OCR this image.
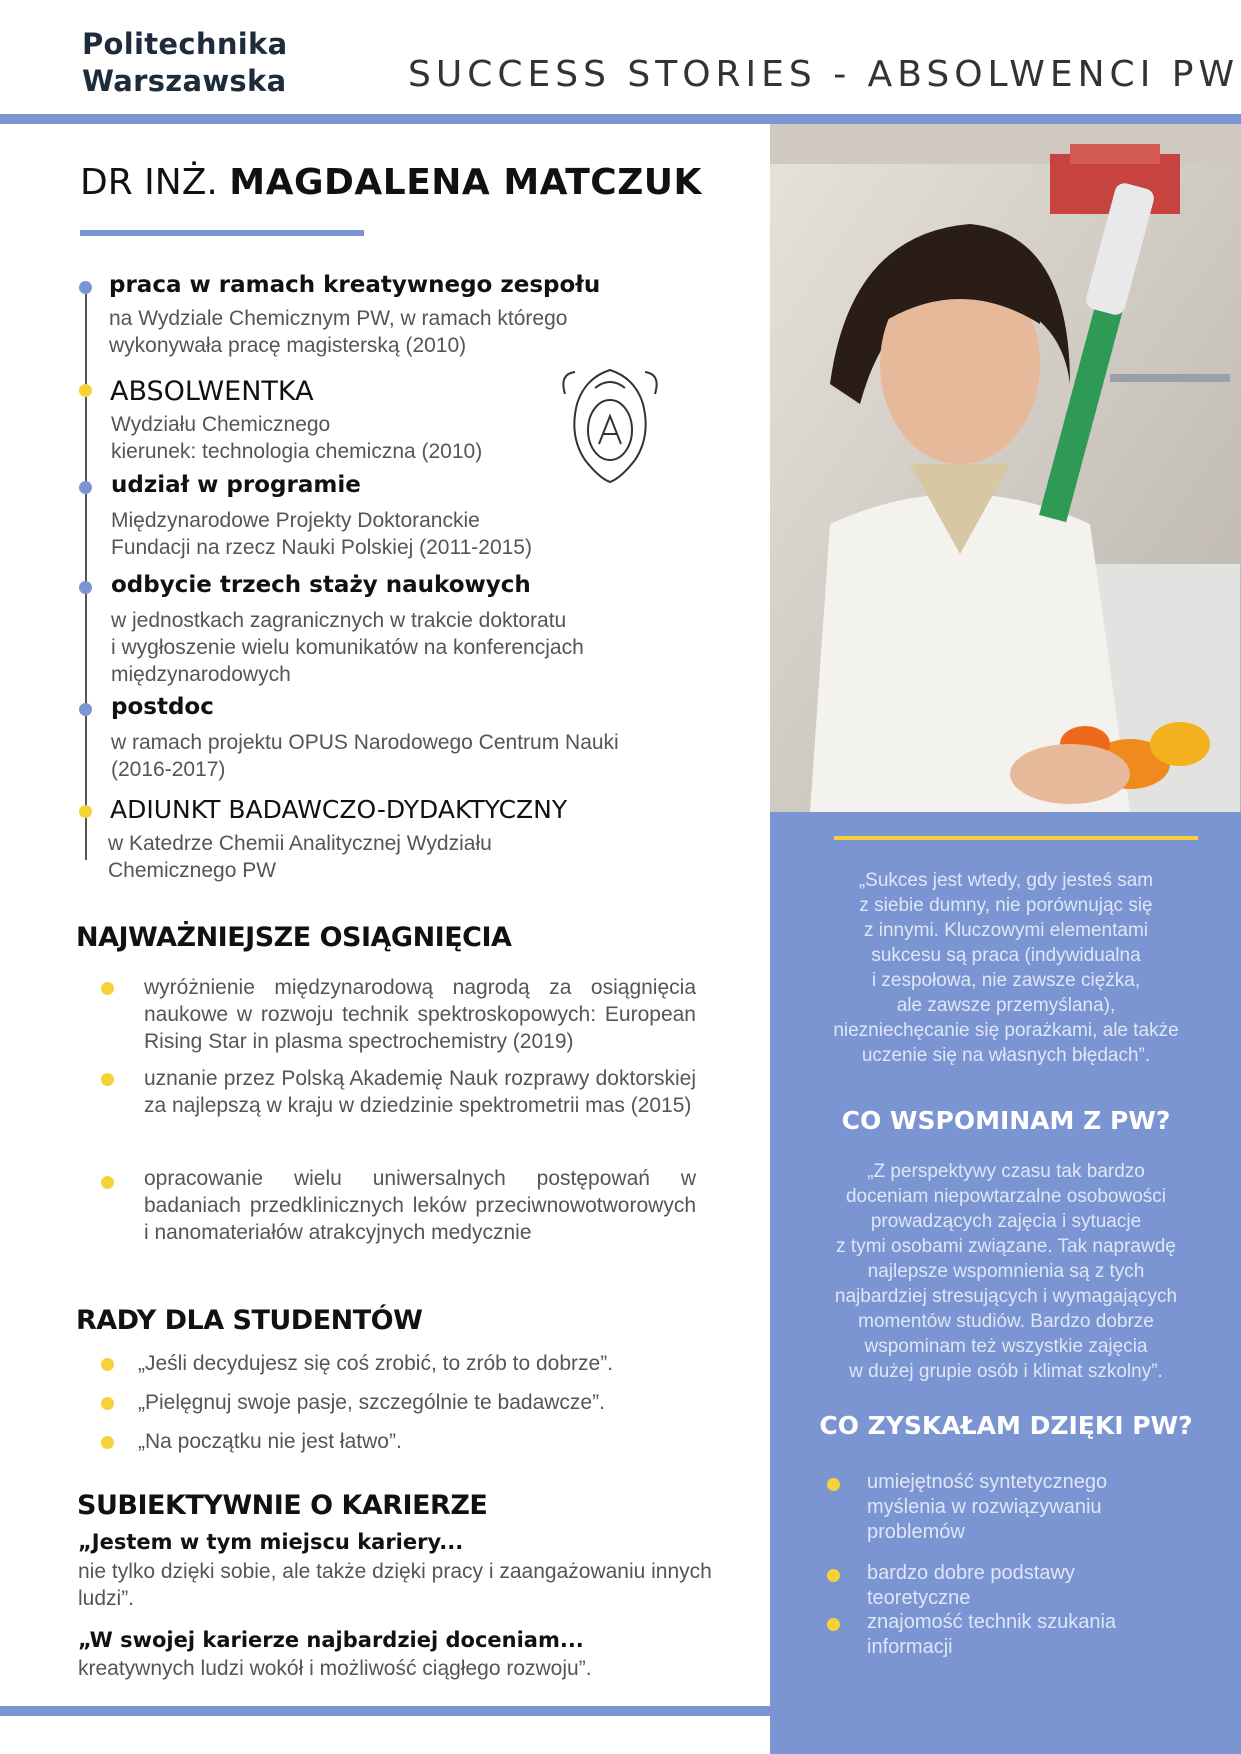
Politechnika
Warszawska	SUCCESS STORIES - ABSOLWENCI PW
DR INŻ. MAGDALENA MATCZUK
praca w ramach kreatywnego zespołu
na Wydziale Chemicznym PW, w ramach którego
wykonywała pracę magisterską (2010)
ABSOLWENTKA
Wydziału Chemicznego
kierunek: technologia chemiczna (2010)
udział w programie
Międzynarodowe Projekty Doktoranckie
Fundacji na rzecz Nauki Polskiej (2011-2015)
odbycie trzech staży naukowych
w jednostkach zagranicznych w trakcie doktoratu
i wygłoszenie wielu komunikatów na konferencjach
międzynarodowych
postdoc
w ramach projektu OPUS Narodowego Centrum Nauki
(2016-2017)
ADIUNKT BADAWCZO-DYDAKTYCZNY
w Katedrze Chemii Analitycznej Wydziału
Chemicznego PW
NAJWAŻNIEJSZE OSIĄGNIĘCIA
wyróżnienie międzynarodową nagrodą za osiągnięcia naukowe w rozwoju technik spektroskopowych: European Rising Star in plasma spectrochemistry (2019)
uznanie przez Polską Akademię Nauk rozprawy doktorskiej za najlepszą w kraju w dziedzinie spektrometrii mas (2015)
opracowanie wielu uniwersalnych postępowań w badaniach przedklinicznych leków przeciwnowotworowych i nanomateriałów atrakcyjnych medycznie
RADY DLA STUDENTÓW
„Jeśli decydujesz się coś zrobić, to zrób to dobrze”.
„Pielęgnuj swoje pasje, szczególnie te badawcze”.
„Na początku nie jest łatwo”.
SUBIEKTYWNIE O KARIERZE
„Jestem w tym miejscu kariery...
nie tylko dzięki sobie, ale także dzięki pracy i zaangażowaniu innych ludzi”.
„W swojej karierze najbardziej doceniam...
kreatywnych ludzi wokół i możliwość ciągłego rozwoju”.
„Sukces jest wtedy, gdy jesteś sam
z siebie dumny, nie porównując się
z innymi. Kluczowymi elementami
sukcesu są praca (indywidualna
i zespołowa, nie zawsze ciężka,
ale zawsze przemyślana),
niezniechęcanie się porażkami, ale także
uczenie się na własnych błędach”.
CO WSPOMINAM Z PW?
„Z perspektywy czasu tak bardzo
doceniam niepowtarzalne osobowości
prowadzących zajęcia i sytuacje
z tymi osobami związane. Tak naprawdę
najlepsze wspomnienia są z tych
najbardziej stresujących i wymagających
momentów studiów. Bardzo dobrze
wspominam też wszystkie zajęcia
w dużej grupie osób i klimat szkolny”.
CO ZYSKAŁAM DZIĘKI PW?
umiejętność syntetycznego myślenia w rozwiązywaniu problemów
bardzo dobre podstawy teoretyczne
znajomość technik szukania informacji
